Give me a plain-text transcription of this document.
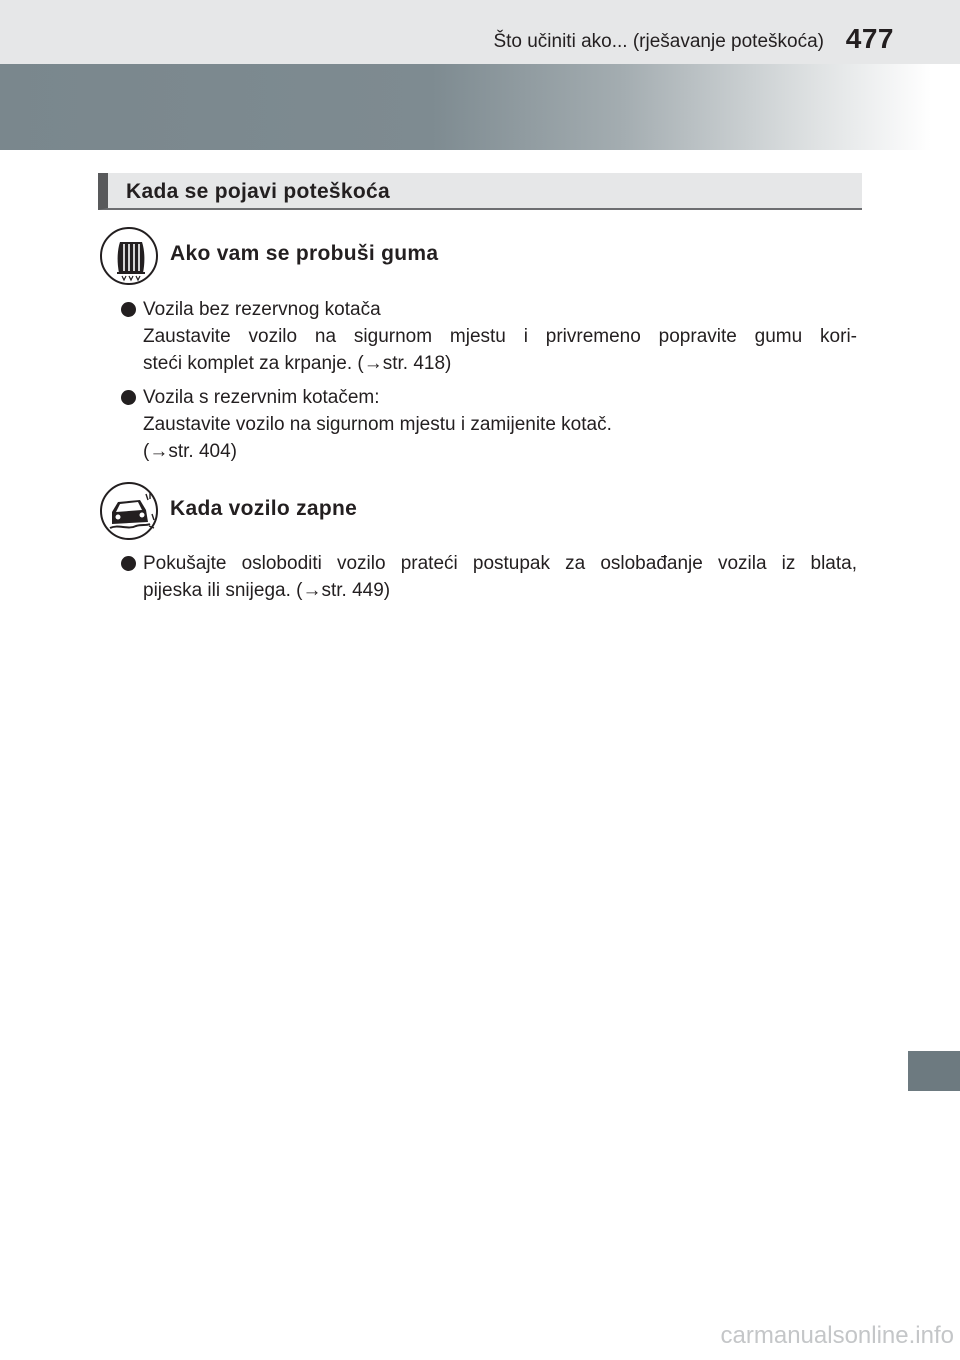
Što učiniti ako... (rješavanje poteškoća) 477
Kada se pojavi poteškoća
Ako vam se probuši guma
Vozila bez rezervnog kotača
Zaustavite vozilo na sigurnom mjestu i privremeno popravite gumu kori-
steći komplet za krpanje. (→str. 418)
Vozila s rezervnim kotačem:
Zaustavite vozilo na sigurnom mjestu i zamijenite kotač.
(→str. 404)
Kada vozilo zapne
Pokušajte osloboditi vozilo prateći postupak za oslobađanje vozila iz blata,
pijeska ili snijega. (→str. 449)
carmanualsonline.info
